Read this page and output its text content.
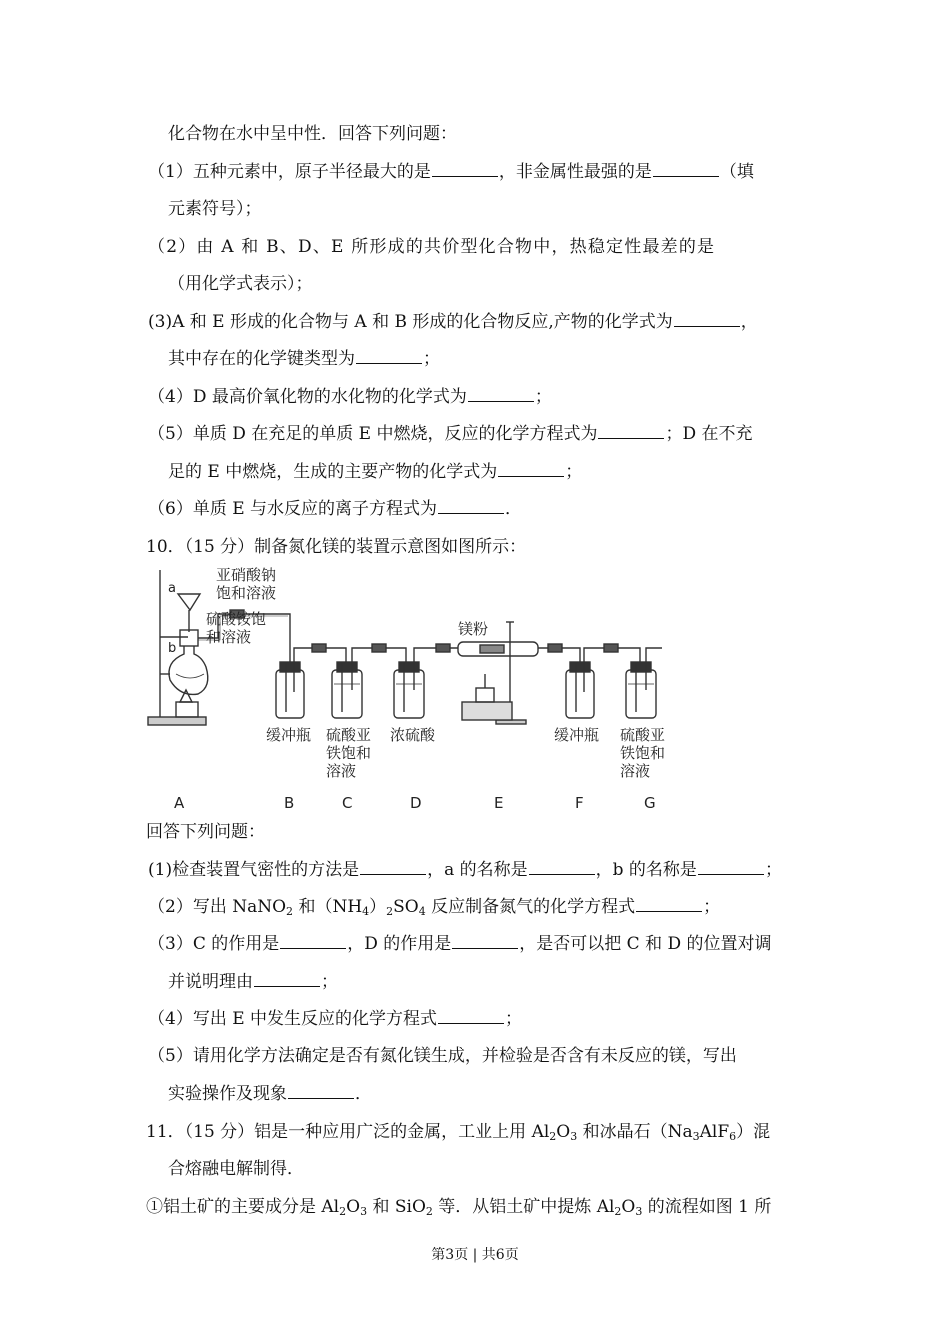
化合物在水中呈中性．回答下列问题：
（1）五种元素中，原子半径最大的是	，非金属性最强的是	（填
元素符号）；
（2）由 A 和 B、D、E 所形成的共价型化合物中，热稳定性最差的是
（用化学式表示）；
(3)A 和 E 形成的化合物与 A 和 B 形成的化合物反应,产物的化学式为	，
其中存在的化学键类型为	；
（4）D 最高价氧化物的水化物的化学式为	；
（5）单质 D 在充足的单质 E 中燃烧，反应的化学方程式为	；D 在不充
足的 E 中燃烧，生成的主要产物的化学式为	；
（6）单质 E 与水反应的离子方程式为	．
10．（15 分）制备氮化镁的装置示意图如图所示：
a
b
亚硝酸钠
饱和溶液
硫酸铵饱
和溶液	镁粉
缓冲瓶 硫酸亚
铁饱和
溶液
浓硫酸	缓冲瓶 硫酸亚
铁饱和
溶液
A	B	C	D	E	F	G
回答下列问题：
(1)检查装置气密性的方法是	，a 的名称是	，b 的名称是	；
（2）写出 NaNO$_2$ 和$(NH_4)_2SO_4$ 反应制备氮气的化学方程式	；
（3）C 的作用是	，D 的作用是	，是否可以把 C 和 D 的位置对调
并说明理由	；
（4）写出 E 中发生反应的化学方程式	；
（5）请用化学方法确定是否有氮化镁生成，并检验是否含有未反应的镁，写出
实验操作及现象	．
11．（15 分）铝是一种应用广泛的金属，工业上用 $Al_2O_3$ 和冰晶石$(Na_3AlF_6)$混
合熔融电解制得．
①铝土矿的主要成分是 $Al_2O_3$ 和 SiO$_2$ 等．从铝土矿中提炼 $Al_2O_3$ 的流程如图 1 所
第3页 | 共6页
